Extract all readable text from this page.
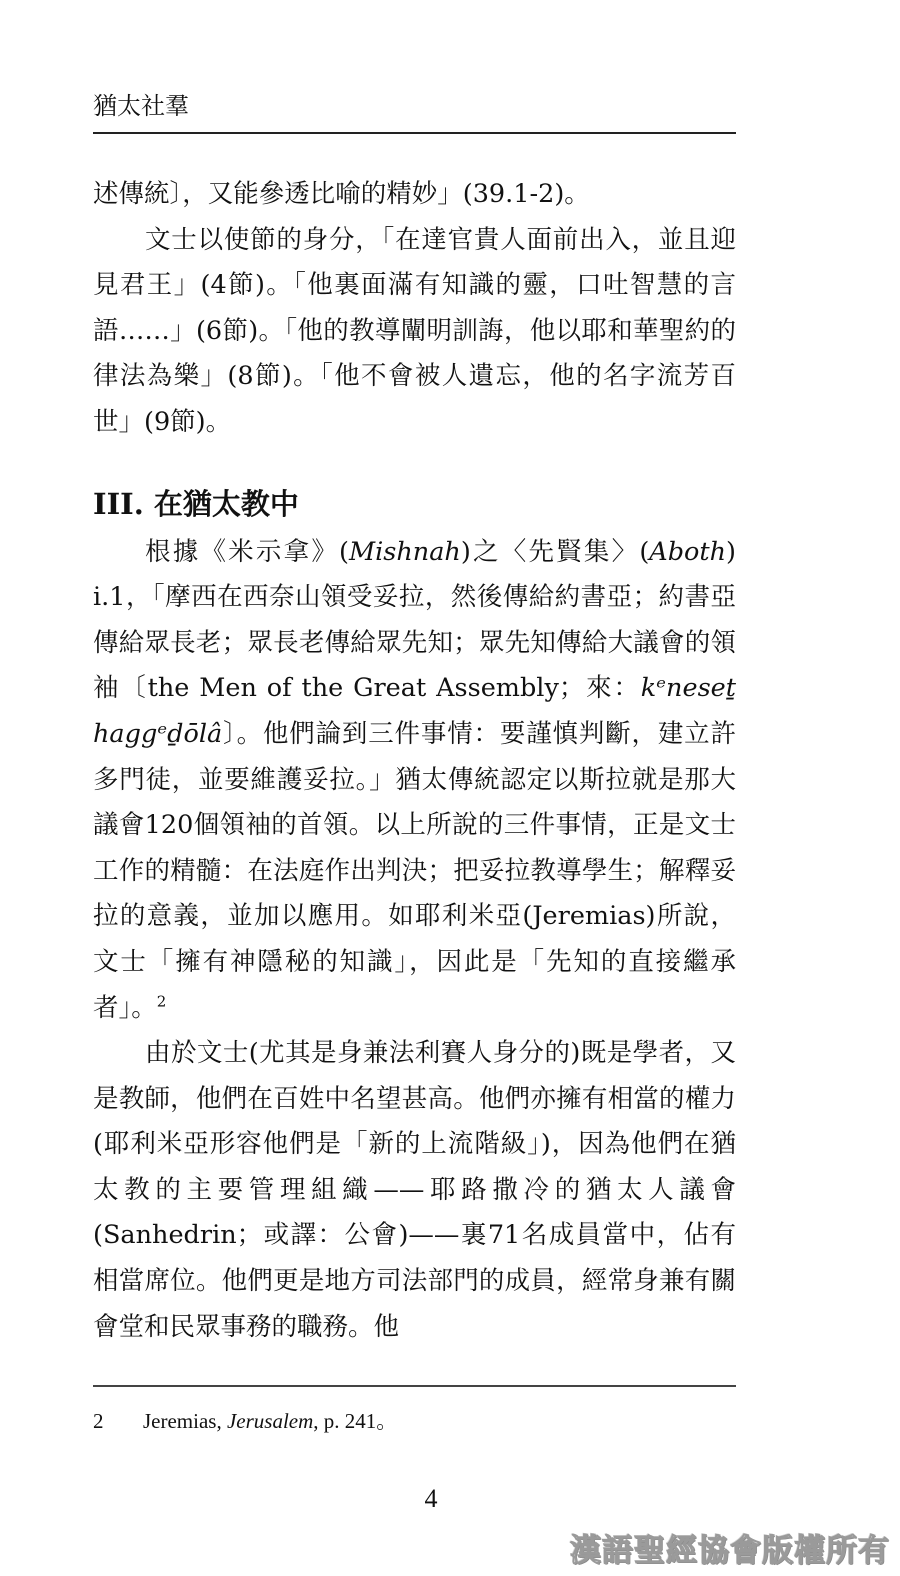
猶太社羣

述傳統〕，又能參透比喻的精妙」(39.1-2)。

文士以使節的身分，「在達官貴人面前出入，並且迎見君王」(4節)。「他裏面滿有知識的靈，口吐智慧的言語……」(6節)。「他的教導闡明訓誨，他以耶和華聖約的律法為樂」(8節)。「他不會被人遺忘，他的名字流芳百世」(9節)。

III. 在猶太教中

根據《米示拿》(Mishnah)之〈先賢集〉(Aboth) i.1，「摩西在西奈山領受妥拉，然後傳給約書亞；約書亞傳給眾長老；眾長老傳給眾先知；眾先知傳給大議會的領袖〔the Men of the Great Assembly；來：kᵉneseṯ haggᵉḏōlâ〕。他們論到三件事情：要謹慎判斷，建立許多門徒，並要維護妥拉。」猶太傳統認定以斯拉就是那大議會120個領袖的首領。以上所說的三件事情，正是文士工作的精髓：在法庭作出判決；把妥拉教導學生；解釋妥拉的意義，並加以應用。如耶利米亞(Jeremias)所說，文士「擁有神隱秘的知識」，因此是「先知的直接繼承者」。$^2$

由於文士(尤其是身兼法利賽人身分的)既是學者，又是教師，他們在百姓中名望甚高。他們亦擁有相當的權力(耶利米亞形容他們是「新的上流階級」)，因為他們在猶太教的主要管理組織——耶路撒冷的猶太人議會(Sanhedrin；或譯：公會)——裏71名成員當中，佔有相當席位。他們更是地方司法部門的成員，經常身兼有關會堂和民眾事務的職務。他

2 Jeremias, Jerusalem, p. 241。
4
漢語聖經協會版權所有
